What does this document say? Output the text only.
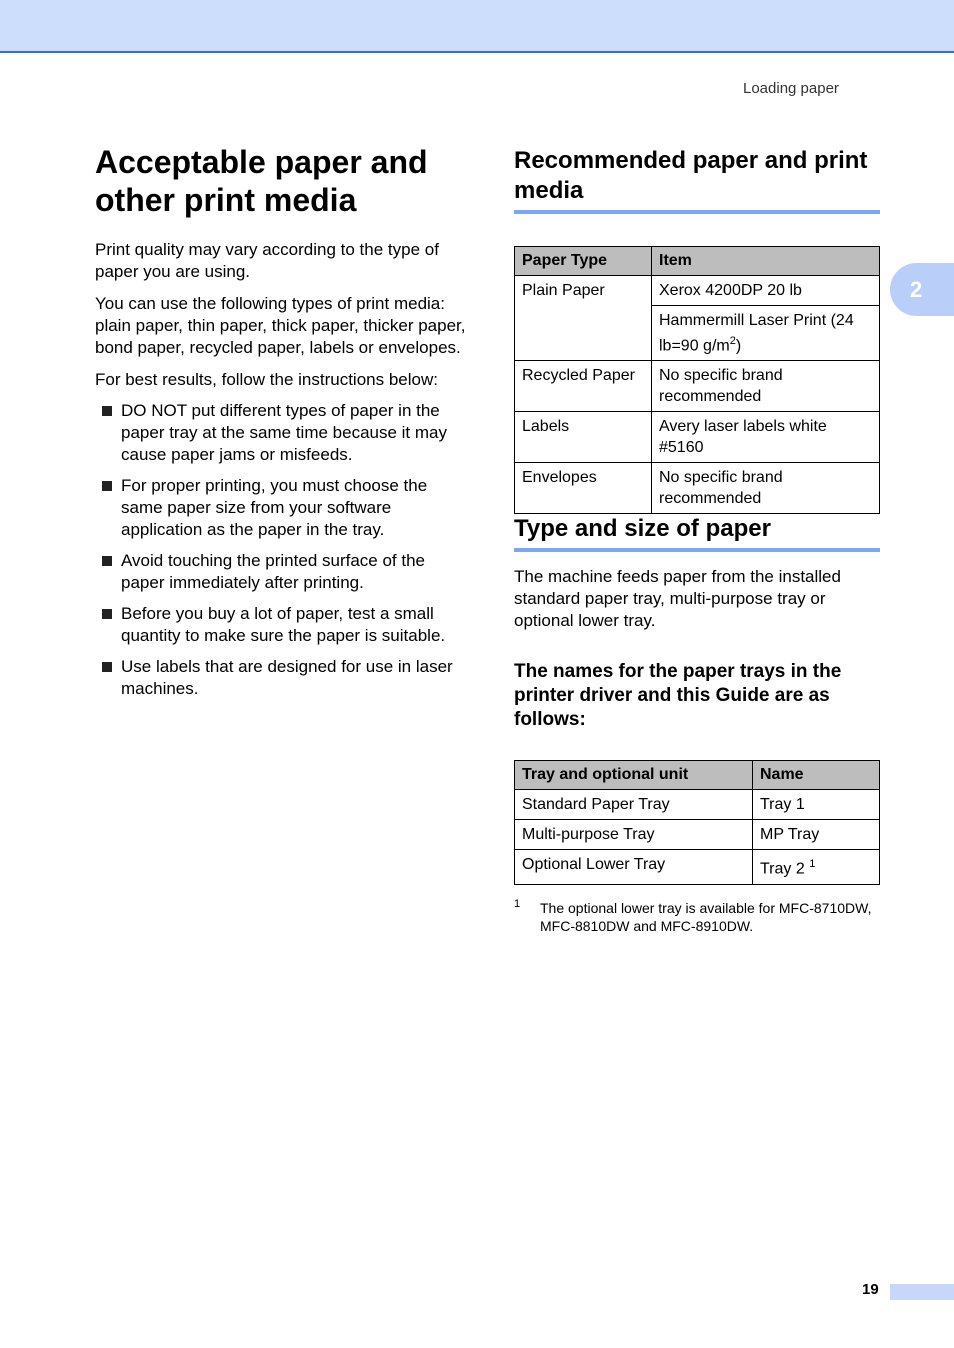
Loading paper
2
Acceptable paper and other print media

Print quality may vary according to the type of paper you are using.

You can use the following types of print media: plain paper, thin paper, thick paper, thicker paper, bond paper, recycled paper, labels or envelopes.

For best results, follow the instructions below:

DO NOT put different types of paper in the paper tray at the same time because it may cause paper jams or misfeeds.
For proper printing, you must choose the same paper size from your software application as the paper in the tray.
Avoid touching the printed surface of the paper immediately after printing.
Before you buy a lot of paper, test a small quantity to make sure the paper is suitable.
Use labels that are designed for use in laser machines.
Recommended paper and print media
Paper Type	Item
Plain Paper	Xerox 4200DP 20 lb
	Hammermill Laser Print (24 lb=90 $g/m^2$)
Recycled Paper	No specific brand recommended
Labels	Avery laser labels white #5160
Envelopes	No specific brand recommended
Type and size of paper

The machine feeds paper from the installed standard paper tray, multi-purpose tray or optional lower tray.

The names for the paper trays in the printer driver and this Guide are as follows:
Tray and optional unit	Name
Standard Paper Tray	Tray 1
Multi-purpose Tray	MP Tray
Optional Lower Tray	Tray 2 $^1$
1 The optional lower tray is available for MFC-8710DW, MFC-8810DW and MFC-8910DW.
19
